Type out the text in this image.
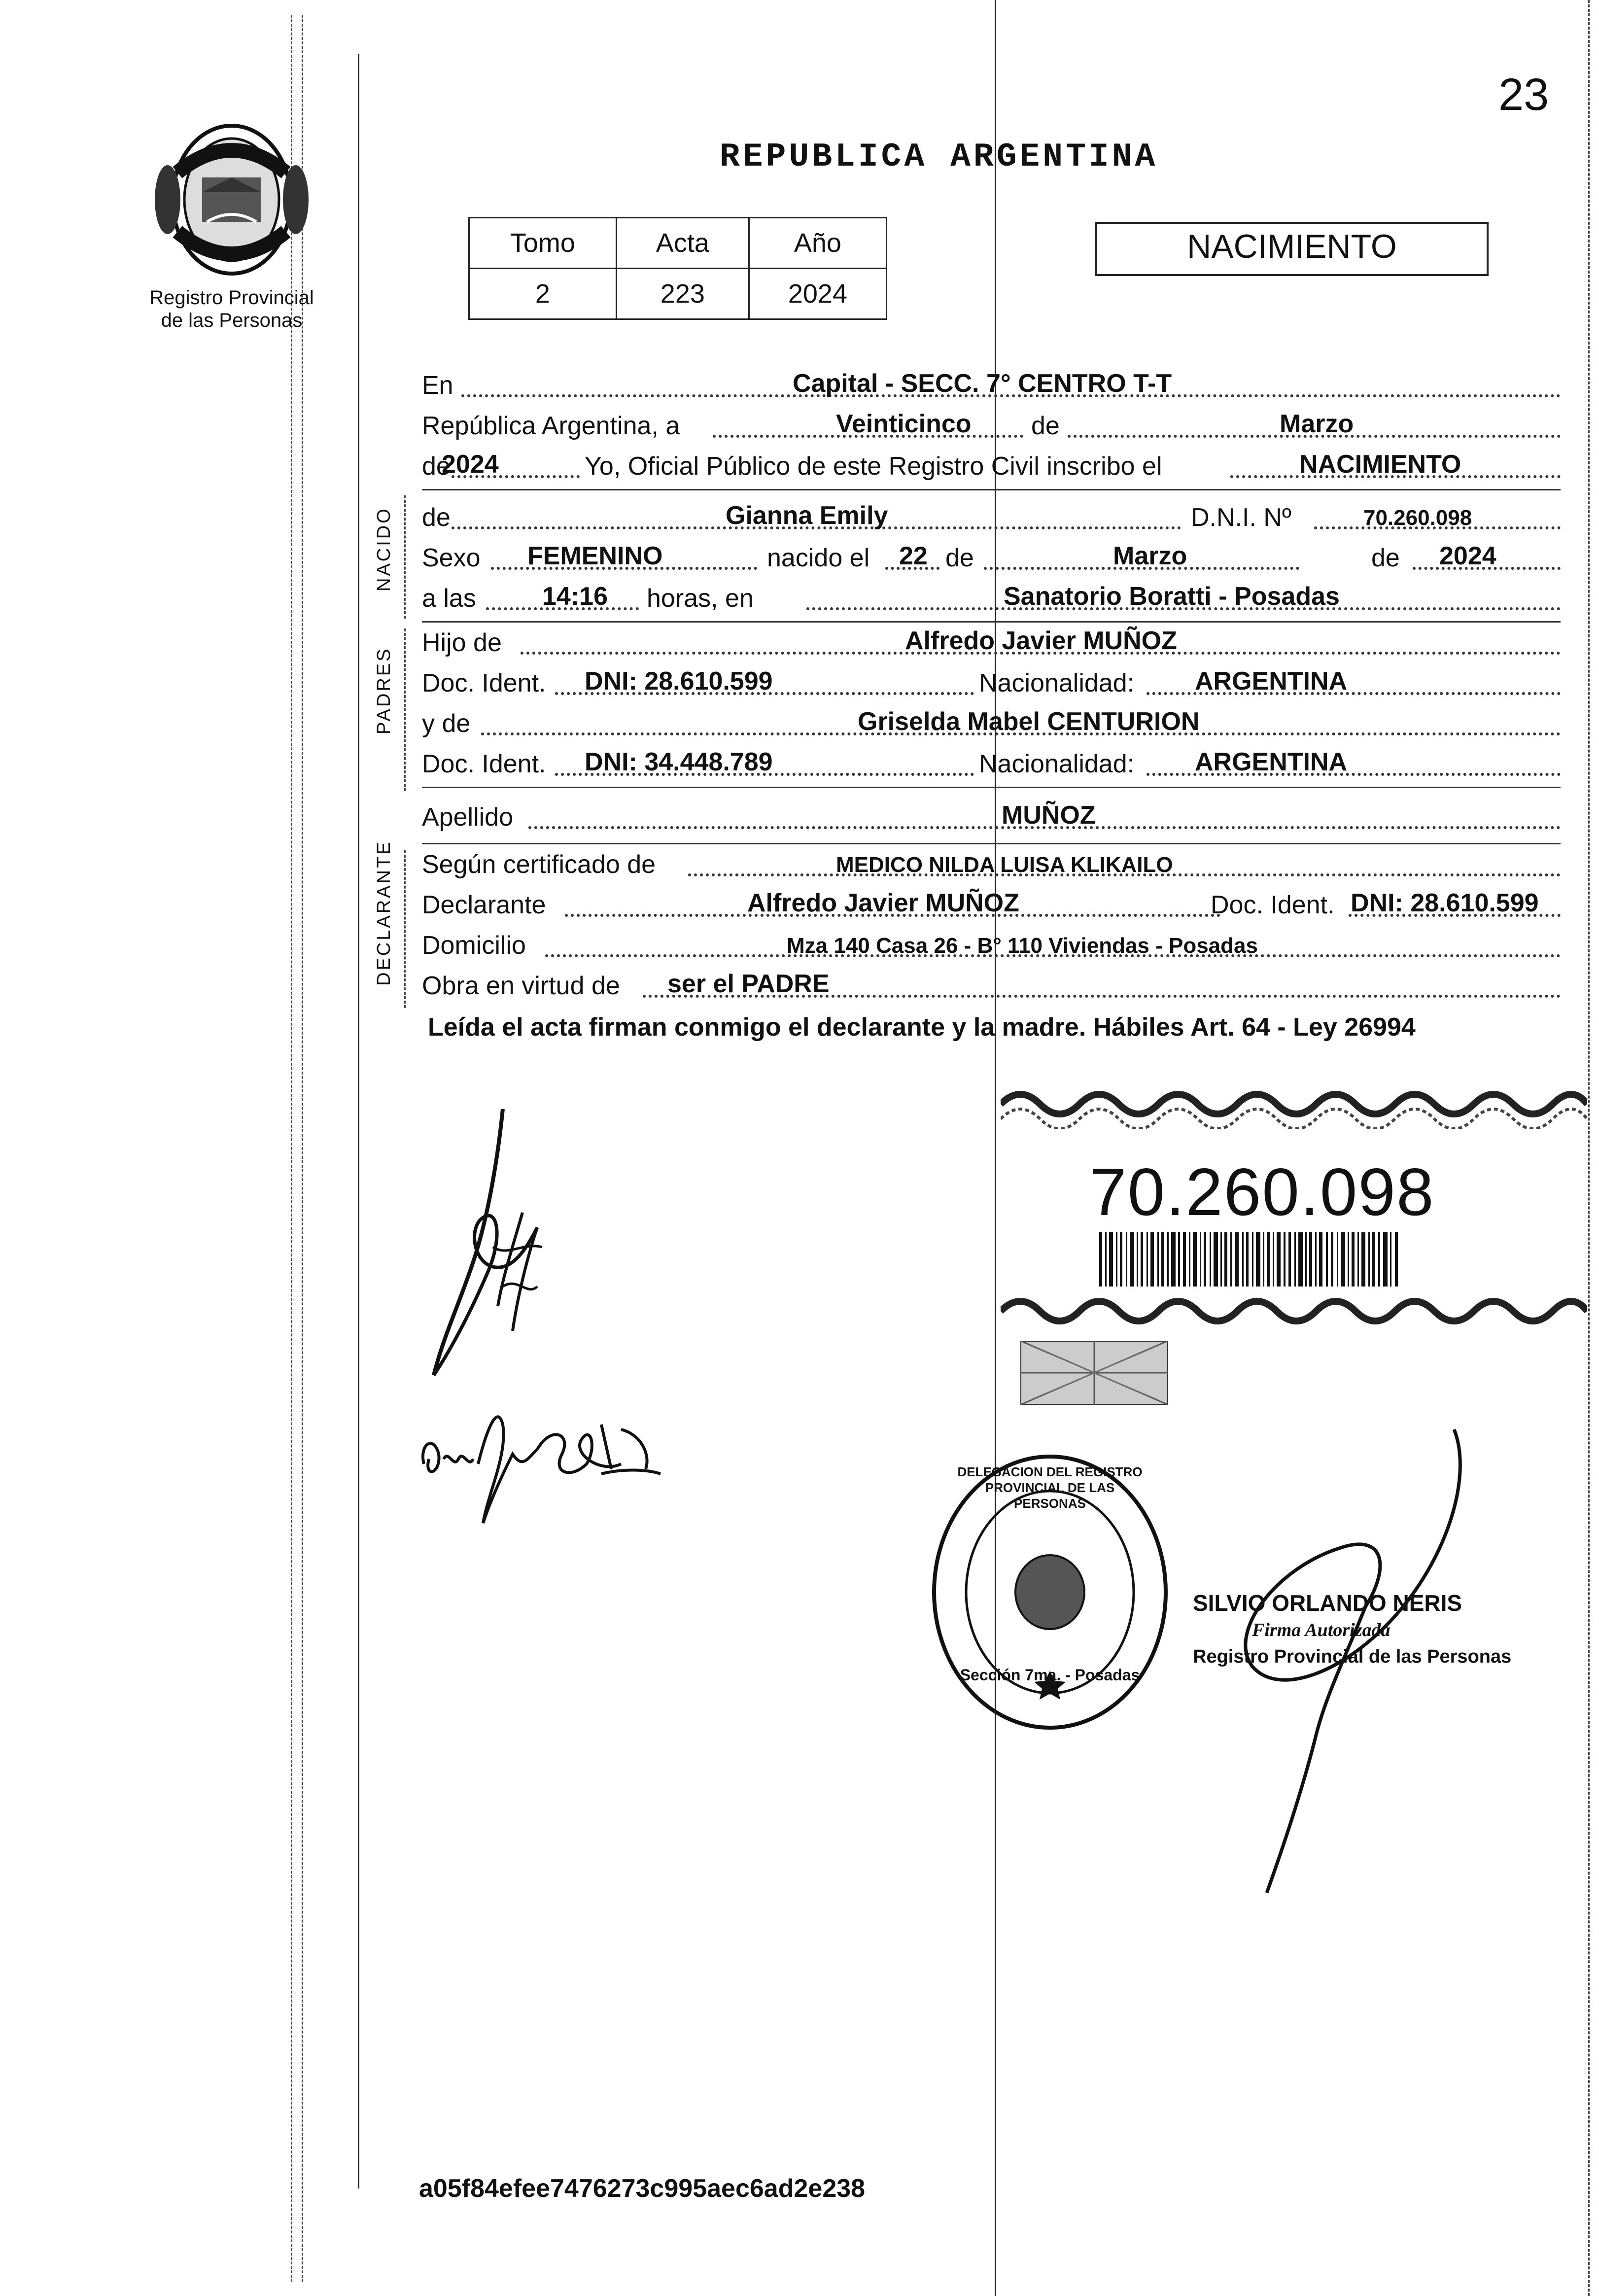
Registro Provincial de las Personas
23
REPUBLICA ARGENTINA
Tomo	Acta	Año
2	223	2024
NACIMIENTO
En	Capital - SECC. 7° CENTRO T-T
República Argentina, a	Veinticinco de	Marzo
de
2024	Yo, Oficial Público de este Registro Civil inscribo el	NACIMIENTO
NACIDO de	Gianna Emily	D.N.I. Nº	70.260.098
Sexo FEMENINO	nacido el 22 de	Marzo	de 2024
a las	14:16 horas, en	Sanatorio Boratti - Posadas
PADRES
Hijo de	Alfredo Javier MUÑOZ
Doc. Ident. DNI: 28.610.599	Nacionalidad: ARGENTINA
y de	Griselda Mabel CENTURION
Doc. Ident. DNI: 34.448.789	Nacionalidad: ARGENTINA
Apellido	MUÑOZ
DECLARANTE Según certificado de	MEDICO NILDA LUISA KLIKAILO
Declarante	Alfredo Javier MUÑOZ	Doc. Ident. DNI: 28.610.599
Domicilio	Mza 140 Casa 26 - B° 110 Viviendas - Posadas
Obra en virtud de ser el PADRE
Leída el acta firman conmigo el declarante y la madre. Hábiles Art. 64 - Ley 26994
70.260.098
Sección 7ma. - Posadas
DELEGACION DEL REGISTRO PROVINCIAL DE LAS PERSONAS
SILVIO ORLANDO NERIS
Firma Autorizada
Registro Provincial de las Personas
a05f84efee7476273c995aec6ad2e238
